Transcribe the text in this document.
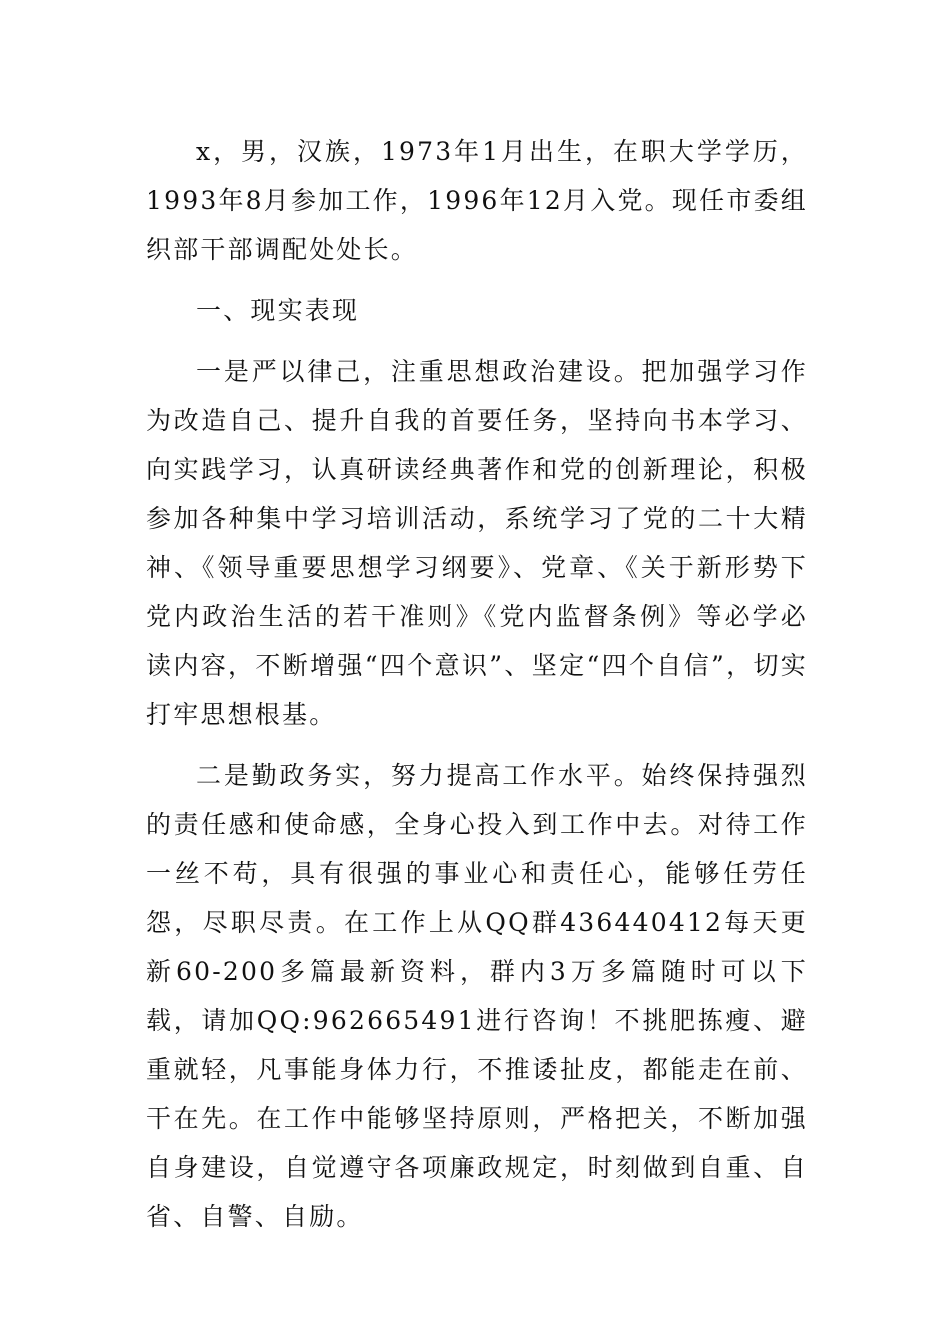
x，男，汉族，1973年1月出生，在职大学学历，1993年8月参加工作，1996年12月入党。现任市委组织部干部调配处处长。

一、现实表现

一是严以律己，注重思想政治建设。把加强学习作为改造自己、提升自我的首要任务，坚持向书本学习、向实践学习，认真研读经典著作和党的创新理论，积极参加各种集中学习培训活动，系统学习了党的二十大精神、《领导重要思想学习纲要》、党章、《关于新形势下党内政治生活的若干准则》《党内监督条例》等必学必读内容，不断增强“四个意识”、坚定“四个自信”，切实打牢思想根基。

二是勤政务实，努力提高工作水平。始终保持强烈的责任感和使命感，全身心投入到工作中去。对待工作一丝不苟，具有很强的事业心和责任心，能够任劳任怨，尽职尽责。在工作上从QQ群436440412每天更新60-200多篇最新资料，群内3万多篇随时可以下载，请加QQ:962665491进行咨询！不挑肥拣瘦、避重就轻，凡事能身体力行，不推诿扯皮，都能走在前、干在先。在工作中能够坚持原则，严格把关，不断加强自身建设，自觉遵守各项廉政规定，时刻做到自重、自省、自警、自励。
